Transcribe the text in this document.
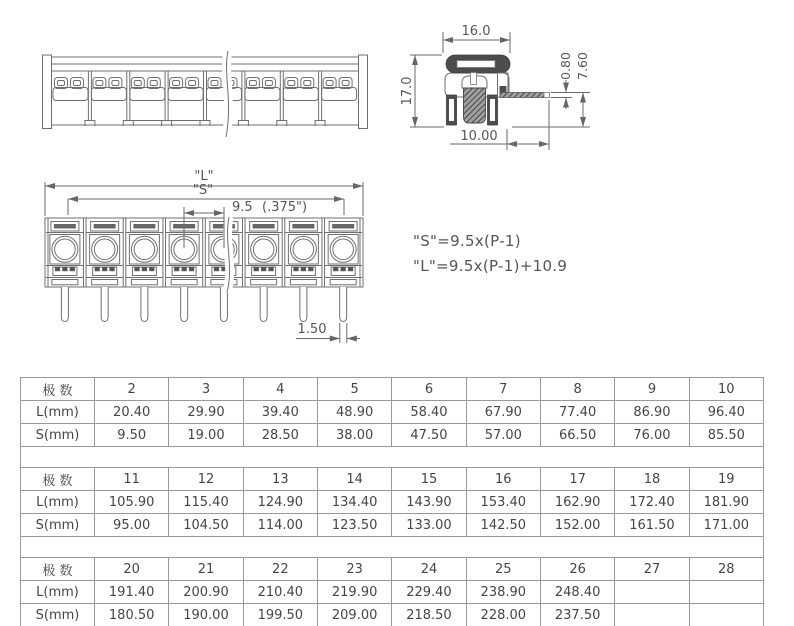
16.0
17.0
0.80 7.60
10.00
"L"
"S"
9.5 (.375")
1.50
"S"=9.5x(P-1)
"L"=9.5x(P-1)+10.9
极 数	2	3	4	5	6	7	8	9	10
L(mm)	20.40	29.90	39.40	48.90	58.40	67.90	77.40	86.90	96.40
S(mm)	9.50	19.00	28.50	38.00	47.50	57.00	66.50	76.00	85.50

极 数	11	12	13	14	15	16	17	18	19
L(mm)	105.90	115.40	124.90	134.40	143.90	153.40	162.90	172.40	181.90
S(mm)	95.00	104.50	114.00	123.50	133.00	142.50	152.00	161.50	171.00

极 数	20	21	22	23	24	25	26	27	28
L(mm)	191.40	200.90	210.40	219.90	229.40	238.90	248.40		
S(mm)	180.50	190.00	199.50	209.00	218.50	228.00	237.50		
